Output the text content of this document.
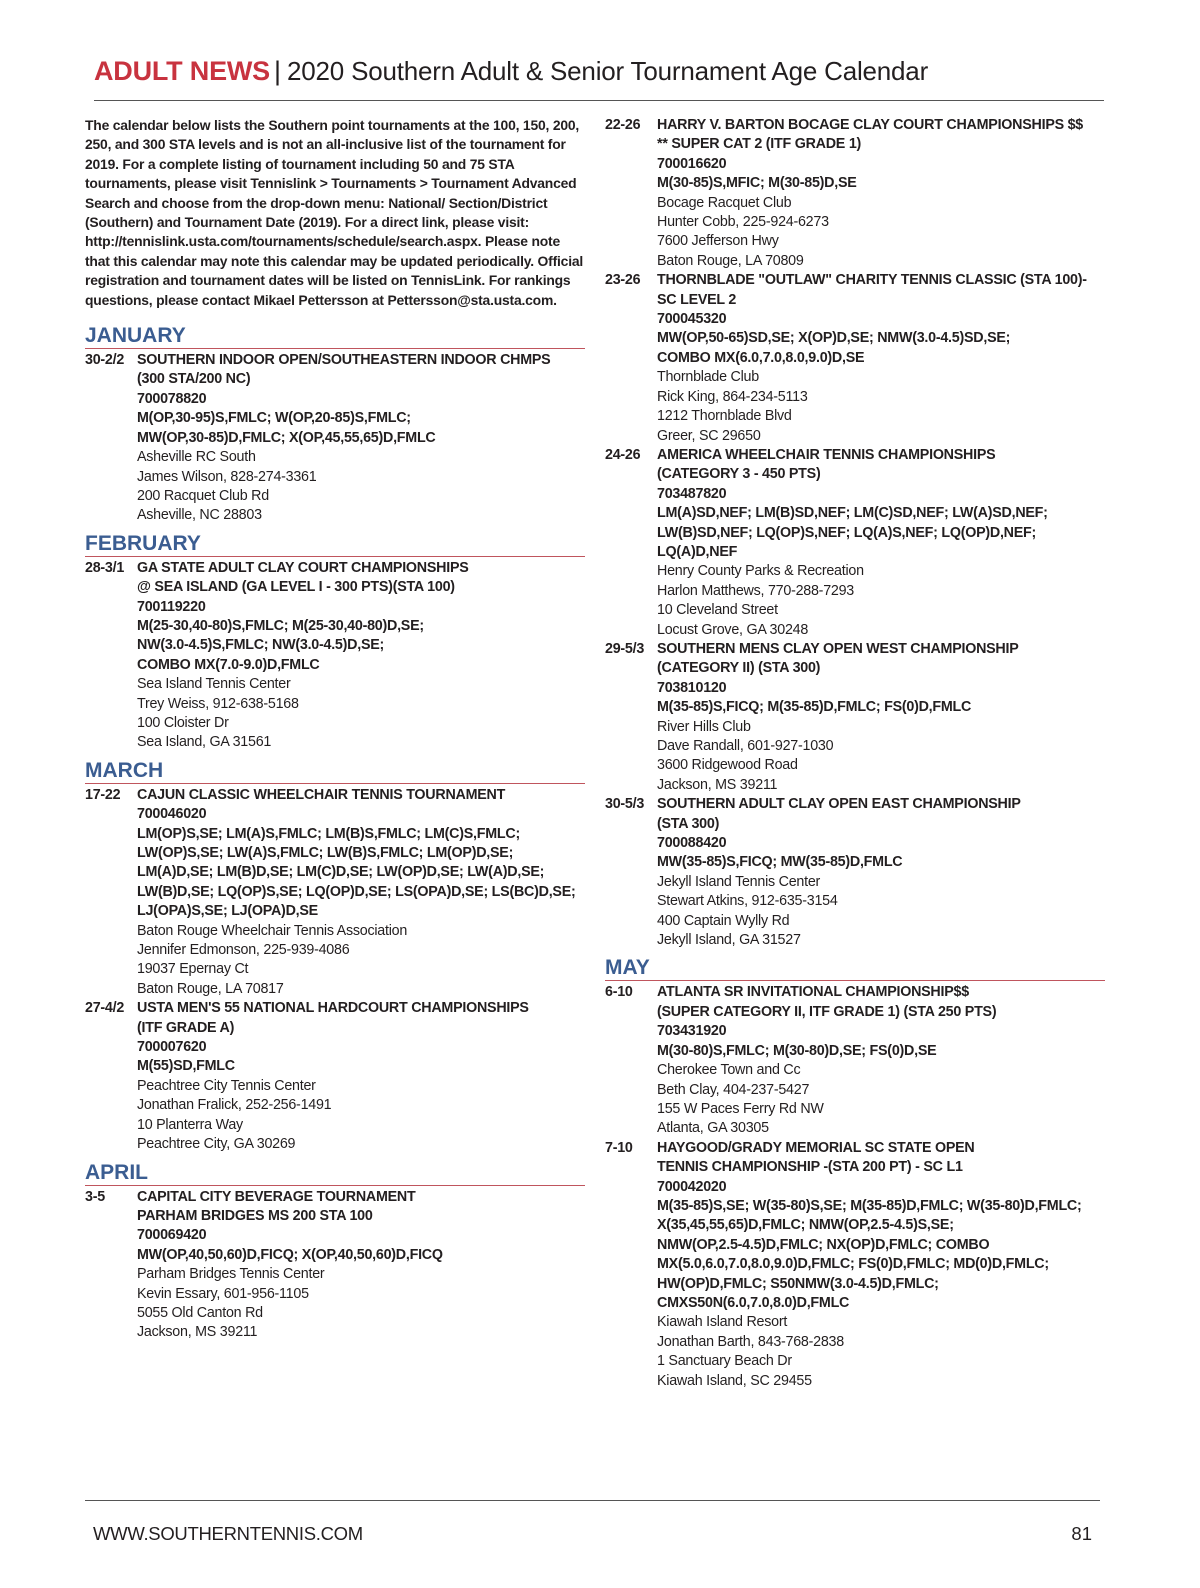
ADULT NEWS | 2020 Southern Adult & Senior Tournament Age Calendar

The calendar below lists the Southern point tournaments at the 100, 150, 200, 250, and 300 STA levels and is not an all-inclusive list of the tournament for 2019. For a complete listing of tournament including 50 and 75 STA tournaments, please visit Tennislink > Tournaments > Tournament Advanced Search and choose from the drop-down menu: National/ Section/District (Southern) and Tournament Date (2019). For a direct link, please visit: http://tennislink.usta.com/tournaments/schedule/search.aspx. Please note that this calendar may note this calendar may be updated periodically. Official registration and tournament dates will be listed on TennisLink. For rankings questions, please contact Mikael Pettersson at Pettersson@sta.usta.com.

JANUARY
30-2/2 SOUTHERN INDOOR OPEN/SOUTHEASTERN INDOOR CHMPS
(300 STA/200 NC)
700078820
M(OP,30-95)S,FMLC; W(OP,20-85)S,FMLC;
MW(OP,30-85)D,FMLC; X(OP,45,55,65)D,FMLC
Asheville RC South
James Wilson, 828-274-3361
200 Racquet Club Rd
Asheville, NC 28803
FEBRUARY
28-3/1 GA STATE ADULT CLAY COURT CHAMPIONSHIPS
@ SEA ISLAND (GA LEVEL I - 300 PTS)(STA 100)
700119220
M(25-30,40-80)S,FMLC; M(25-30,40-80)D,SE;
NW(3.0-4.5)S,FMLC; NW(3.0-4.5)D,SE;
COMBO MX(7.0-9.0)D,FMLC
Sea Island Tennis Center
Trey Weiss, 912-638-5168
100 Cloister Dr
Sea Island, GA 31561
MARCH
17-22	CAJUN CLASSIC WHEELCHAIR TENNIS TOURNAMENT
700046020
LM(OP)S,SE; LM(A)S,FMLC; LM(B)S,FMLC; LM(C)S,FMLC;
LW(OP)S,SE; LW(A)S,FMLC; LW(B)S,FMLC; LM(OP)D,SE;
LM(A)D,SE; LM(B)D,SE; LM(C)D,SE; LW(OP)D,SE; LW(A)D,SE;
LW(B)D,SE; LQ(OP)S,SE; LQ(OP)D,SE; LS(OPA)D,SE; LS(BC)D,SE;
LJ(OPA)S,SE; LJ(OPA)D,SE
Baton Rouge Wheelchair Tennis Association
Jennifer Edmonson, 225-939-4086
19037 Epernay Ct
Baton Rouge, LA 70817
27-4/2 USTA MEN'S 55 NATIONAL HARDCOURT CHAMPIONSHIPS
(ITF GRADE A)
700007620
M(55)SD,FMLC
Peachtree City Tennis Center
Jonathan Fralick, 252-256-1491
10 Planterra Way
Peachtree City, GA 30269
APRIL
3-5	CAPITAL CITY BEVERAGE TOURNAMENT
PARHAM BRIDGES MS 200 STA 100
700069420
MW(OP,40,50,60)D,FICQ; X(OP,40,50,60)D,FICQ
Parham Bridges Tennis Center
Kevin Essary, 601-956-1105
5055 Old Canton Rd
Jackson, MS 39211
22-26	HARRY V. BARTON BOCAGE CLAY COURT CHAMPIONSHIPS $$
** SUPER CAT 2 (ITF GRADE 1)
700016620
M(30-85)S,MFIC; M(30-85)D,SE
Bocage Racquet Club
Hunter Cobb, 225-924-6273
7600 Jefferson Hwy
Baton Rouge, LA 70809
23-26	THORNBLADE "OUTLAW" CHARITY TENNIS CLASSIC (STA 100)-
SC LEVEL 2
700045320
MW(OP,50-65)SD,SE; X(OP)D,SE; NMW(3.0-4.5)SD,SE;
COMBO MX(6.0,7.0,8.0,9.0)D,SE
Thornblade Club
Rick King, 864-234-5113
1212 Thornblade Blvd
Greer, SC 29650
24-26	AMERICA WHEELCHAIR TENNIS CHAMPIONSHIPS
(CATEGORY 3 - 450 PTS)
703487820
LM(A)SD,NEF; LM(B)SD,NEF; LM(C)SD,NEF; LW(A)SD,NEF;
LW(B)SD,NEF; LQ(OP)S,NEF; LQ(A)S,NEF; LQ(OP)D,NEF;
LQ(A)D,NEF
Henry County Parks & Recreation
Harlon Matthews, 770-288-7293
10 Cleveland Street
Locust Grove, GA 30248
29-5/3 SOUTHERN MENS CLAY OPEN WEST CHAMPIONSHIP
(CATEGORY II) (STA 300)
703810120
M(35-85)S,FICQ; M(35-85)D,FMLC; FS(0)D,FMLC
River Hills Club
Dave Randall, 601-927-1030
3600 Ridgewood Road
Jackson, MS 39211
30-5/3 SOUTHERN ADULT CLAY OPEN EAST CHAMPIONSHIP
(STA 300)
700088420
MW(35-85)S,FICQ; MW(35-85)D,FMLC
Jekyll Island Tennis Center
Stewart Atkins, 912-635-3154
400 Captain Wylly Rd
Jekyll Island, GA 31527
MAY
6-10	ATLANTA SR INVITATIONAL CHAMPIONSHIP$$
(SUPER CATEGORY II, ITF GRADE 1) (STA 250 PTS)
703431920
M(30-80)S,FMLC; M(30-80)D,SE; FS(0)D,SE
Cherokee Town and Cc
Beth Clay, 404-237-5427
155 W Paces Ferry Rd NW
Atlanta, GA 30305
7-10	HAYGOOD/GRADY MEMORIAL SC STATE OPEN
TENNIS CHAMPIONSHIP -(STA 200 PT) - SC L1
700042020
M(35-85)S,SE; W(35-80)S,SE; M(35-85)D,FMLC; W(35-80)D,FMLC;
X(35,45,55,65)D,FMLC; NMW(OP,2.5-4.5)S,SE;
NMW(OP,2.5-4.5)D,FMLC; NX(OP)D,FMLC; COMBO
MX(5.0,6.0,7.0,8.0,9.0)D,FMLC; FS(0)D,FMLC; MD(0)D,FMLC;
HW(OP)D,FMLC; S50NMW(3.0-4.5)D,FMLC;
CMXS50N(6.0,7.0,8.0)D,FMLC
Kiawah Island Resort
Jonathan Barth, 843-768-2838
1 Sanctuary Beach Dr
Kiawah Island, SC 29455
WWW.SOUTHERNTENNIS.COM	81
